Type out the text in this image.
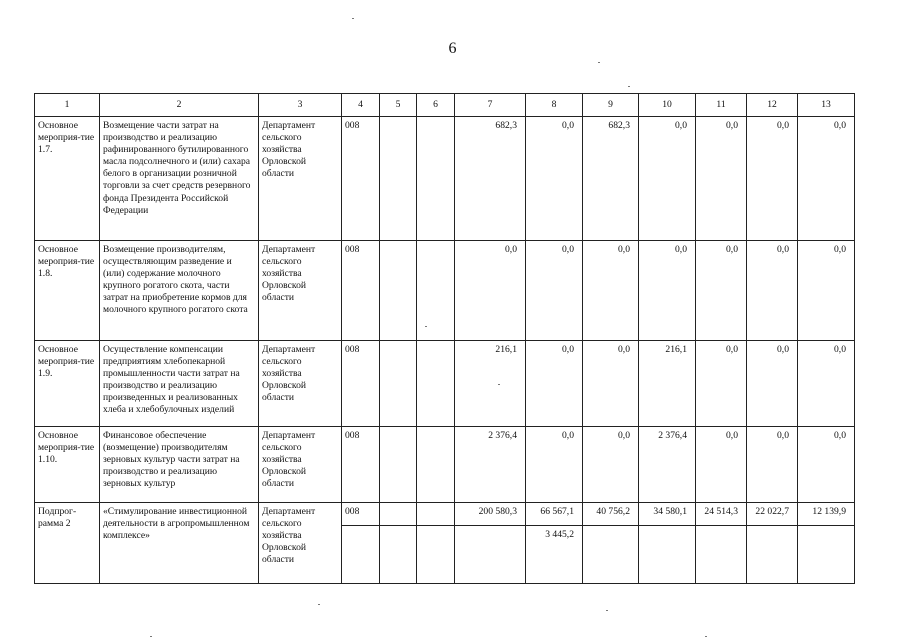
6
1	2	3	4	5	6	7	8	9	10	11	12	13
Основное мероприя-тие 1.7.	Возмещение части затрат на производство и реализацию рафинированного бутилированного масла подсолнечного и (или) сахара белого в организации розничной торговли за счет средств резервного фонда Президента Российской Федерации	Департамент сельского хозяйства Орловской области	008			682,3	0,0	682,3	0,0	0,0	0,0	0,0
Основное мероприя-тие 1.8.	Возмещение производителям, осуществляющим разведение и (или) содержание молочного крупного рогатого скота, части затрат на приобретение кормов для молочного крупного рогатого скота	Департамент сельского хозяйства Орловской области	008			0,0	0,0	0,0	0,0	0,0	0,0	0,0
Основное мероприя-тие 1.9.	Осуществление компенсации предприятиям хлебопекарной промышленности части затрат на производство и реализацию произведенных и реализованных хлеба и хлебобулочных изделий	Департамент сельского хозяйства Орловской области	008			216,1	0,0	0,0	216,1	0,0	0,0	0,0
Основное мероприя-тие 1.10.	Финансовое обеспечение (возмещение) производителям зерновых культур части затрат на производство и реализацию зерновых культур	Департамент сельского хозяйства Орловской области	008			2 376,4	0,0	0,0	2 376,4	0,0	0,0	0,0
Подпрог-рамма 2	«Стимулирование инвестиционной деятельности в агропромышленном комплексе»	Департамент сельского хозяйства Орловской области	008			200 580,3	66 567,1	40 756,2	34 580,1	24 514,3	22 022,7	12 139,9
							3 445,2					
